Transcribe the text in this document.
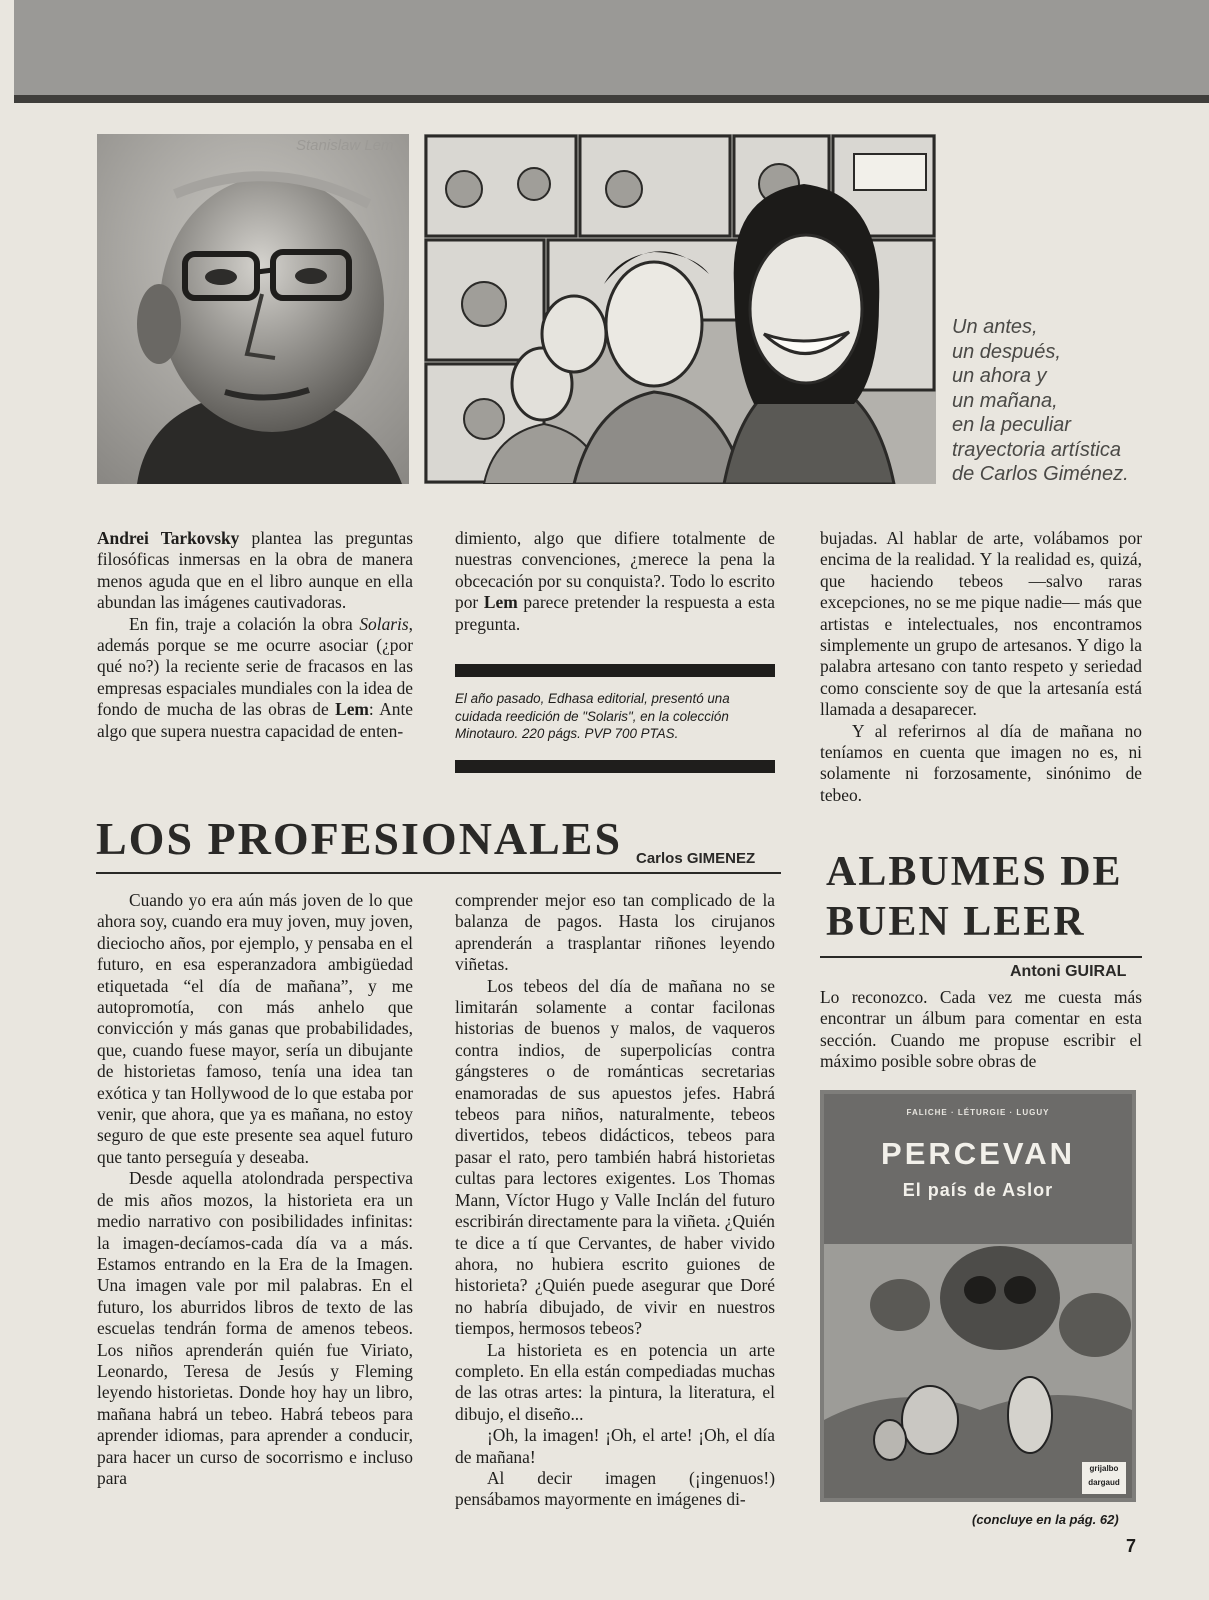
Stanislaw Lem

Un antes,
un después,
un ahora y
un mañana,
en la peculiar
trayectoria artística
de Carlos Giménez.

Andrei Tarkovsky plantea las preguntas filosóficas inmersas en la obra de manera menos aguda que en el libro aunque en ella abundan las imágenes cautivadoras.

En fin, traje a colación la obra Solaris, además porque se me ocurre asociar (¿por qué no?) la reciente serie de fracasos en las empresas espaciales mundiales con la idea de fondo de mucha de las obras de Lem: Ante algo que supera nuestra capacidad de enten-

dimiento, algo que difiere totalmente de nuestras convenciones, ¿merece la pena la obcecación por su conquista?. Todo lo escrito por Lem parece pretender la respuesta a esta pregunta.

El año pasado, Edhasa editorial, presentó una cuidada reedición de "Solaris", en la colección Minotauro. 220 págs. PVP 700 PTAS.

LOS PROFESIONALES Carlos GIMENEZ

Cuando yo era aún más joven de lo que ahora soy, cuando era muy joven, muy joven, dieciocho años, por ejemplo, y pensaba en el futuro, en esa esperanzadora ambigüedad etiquetada “el día de mañana”, y me autopromotía, con más anhelo que convicción y más ganas que probabilidades, que, cuando fuese mayor, sería un dibujante de historietas famoso, tenía una idea tan exótica y tan Hollywood de lo que estaba por venir, que ahora, que ya es mañana, no estoy seguro de que este presente sea aquel futuro que tanto perseguía y deseaba.

Desde aquella atolondrada perspectiva de mis años mozos, la historieta era un medio narrativo con posibilidades infinitas: la imagen-decíamos-cada día va a más. Estamos entrando en la Era de la Imagen. Una imagen vale por mil palabras. En el futuro, los aburridos libros de texto de las escuelas tendrán forma de amenos tebeos. Los niños aprenderán quién fue Viriato, Leonardo, Teresa de Jesús y Fleming leyendo historietas. Donde hoy hay un libro, mañana habrá un tebeo. Habrá tebeos para aprender idiomas, para aprender a conducir, para hacer un curso de socorrismo e incluso para

comprender mejor eso tan complicado de la balanza de pagos. Hasta los cirujanos aprenderán a trasplantar riñones leyendo viñetas.

Los tebeos del día de mañana no se limitarán solamente a contar facilonas historias de buenos y malos, de vaqueros contra indios, de superpolicías contra gángsteres o de románticas secretarias enamoradas de sus apuestos jefes. Habrá tebeos para niños, naturalmente, tebeos divertidos, tebeos didácticos, tebeos para pasar el rato, pero también habrá historietas cultas para lectores exigentes. Los Thomas Mann, Víctor Hugo y Valle Inclán del futuro escribirán directamente para la viñeta. ¿Quién te dice a tí que Cervantes, de haber vivido ahora, no hubiera escrito guiones de historieta? ¿Quién puede asegurar que Doré no habría dibujado, de vivir en nuestros tiempos, hermosos tebeos?

La historieta es en potencia un arte completo. En ella están compediadas muchas de las otras artes: la pintura, la literatura, el dibujo, el diseño...

¡Oh, la imagen! ¡Oh, el arte! ¡Oh, el día de mañana!

Al decir imagen (¡ingenuos!) pensábamos mayormente en imágenes di-

bujadas. Al hablar de arte, volábamos por encima de la realidad. Y la realidad es, quizá, que haciendo tebeos —salvo raras excepciones, no se me pique nadie— más que artistas e intelectuales, nos encontramos simplemente un grupo de artesanos. Y digo la palabra artesano con tanto respeto y seriedad como consciente soy de que la artesanía está llamada a desaparecer.

Y al referirnos al día de mañana no teníamos en cuenta que imagen no es, ni solamente ni forzosamente, sinónimo de tebeo.

ALBUMES DE
BUEN LEER
Antoni GUIRAL

Lo reconozco. Cada vez me cuesta más encontrar un álbum para comentar en esta sección. Cuando me propuse escribir el máximo posible sobre obras de

FALICHE · LÉTURGIE · LUGUY
PERCEVAN
El país de Aslor
grijalbo
dargaud
(concluye en la pág. 62)
7
